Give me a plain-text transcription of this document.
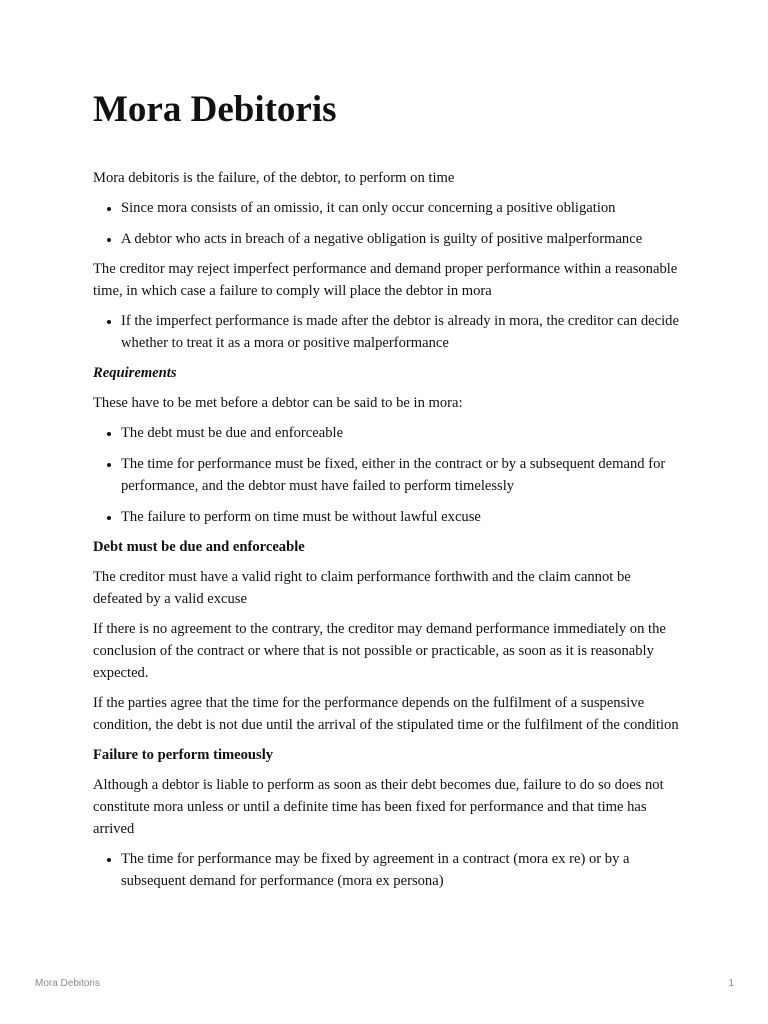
Mora Debitoris

Mora debitoris is the failure, of the debtor, to perform on time

• Since mora consists of an omissio, it can only occur concerning a positive obligation
• A debtor who acts in breach of a negative obligation is guilty of positive malperformance

The creditor may reject imperfect performance and demand proper performance within a reasonable time, in which case a failure to comply will place the debtor in mora

• If the imperfect performance is made after the debtor is already in mora, the creditor can decide whether to treat it as a mora or positive malperformance

Requirements

These have to be met before a debtor can be said to be in mora:

• The debt must be due and enforceable
• The time for performance must be fixed, either in the contract or by a subsequent demand for performance, and the debtor must have failed to perform timelessly
• The failure to perform on time must be without lawful excuse

Debt must be due and enforceable

The creditor must have a valid right to claim performance forthwith and the claim cannot be defeated by a valid excuse

If there is no agreement to the contrary, the creditor may demand performance immediately on the conclusion of the contract or where that is not possible or practicable, as soon as it is reasonably expected.

If the parties agree that the time for the performance depends on the fulfilment of a suspensive condition, the debt is not due until the arrival of the stipulated time or the fulfilment of the condition

Failure to perform timeously

Although a debtor is liable to perform as soon as their debt becomes due, failure to do so does not constitute mora unless or until a definite time has been fixed for performance and that time has arrived

• The time for performance may be fixed by agreement in a contract (mora ex re) or by a subsequent demand for performance (mora ex persona)
Mora Debitoris	1
